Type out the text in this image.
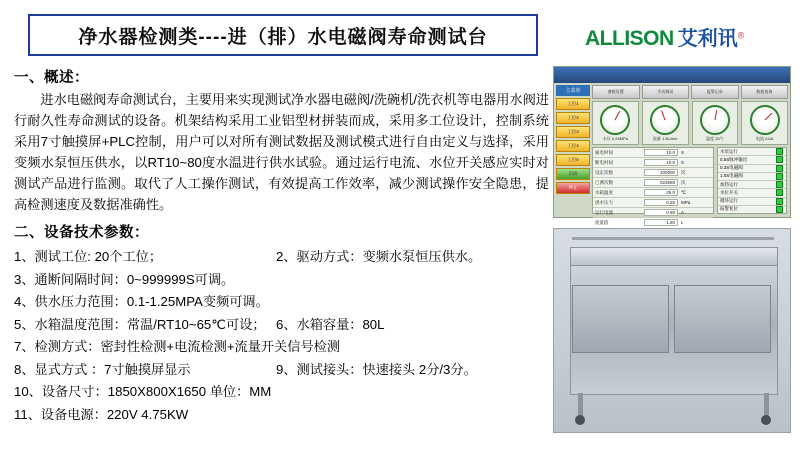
净水器检测类----进（排）水电磁阀寿命测试台
一、概述：

进水电磁阀寿命测试台，主要用来实现测试净水器电磁阀/洗碗机/洗衣机等电器用水阀进行耐久性寿命测试的设备。机架结构采用工业铝型材拼装而成，采用多工位设计，控制系统采用7寸触摸屏+PLC控制，用户可以对所有测试数据及测试模式进行自由定义与选择，采用变频水泵恒压供水，以RT10~80度水温进行供水试验。通过运行电流、水位开关感应实时对测试产品进行监测。取代了人工操作测试，有效提高工作效率，减少测试操作安全隐患，提高检测速度及数据准确性。

二、设备技术参数：
1、测试工位: 20个工位；	2、驱动方式：变频水泵恒压供水。
3、通断间隔时间：0~999999S可调。
4、供水压力范围：0.1-1.25MPA变频可调。
5、水箱温度范围：常温/RT10~65℃可设； 6、水箱容量：80L
7、检测方式：密封性检测+电流检测+流量开关信号检测
8、显式方式 ：7寸触摸屏显示	9、测试接头：快速接头 2分/3分。
10、设备尺寸：1850X800X1650 单位：MM
11、设备电源：220V 4.75KW
ALLISON 艾利讯®
参数设置	手动调试	报警记录	数据查询
主菜单
工位1
工位2
工位3
工位4
工位5
启动
停止
水压 0.25MPa	流量 1.8L/min	温度 25℃	电流 0.6A
通电时间	10.0	S
断电时间	10.0	S
设定次数	100000	次
已测次数	023568	次
水箱温度	25.0	℃
供水压力	0.25	MPa
运行电流	0.60	A
流量值	1.80	L
水泵运行
0.5S脉冲输出
0.3S电磁阀
1.0S电磁阀
加热运行
水位开关
循环运行
报警复位
